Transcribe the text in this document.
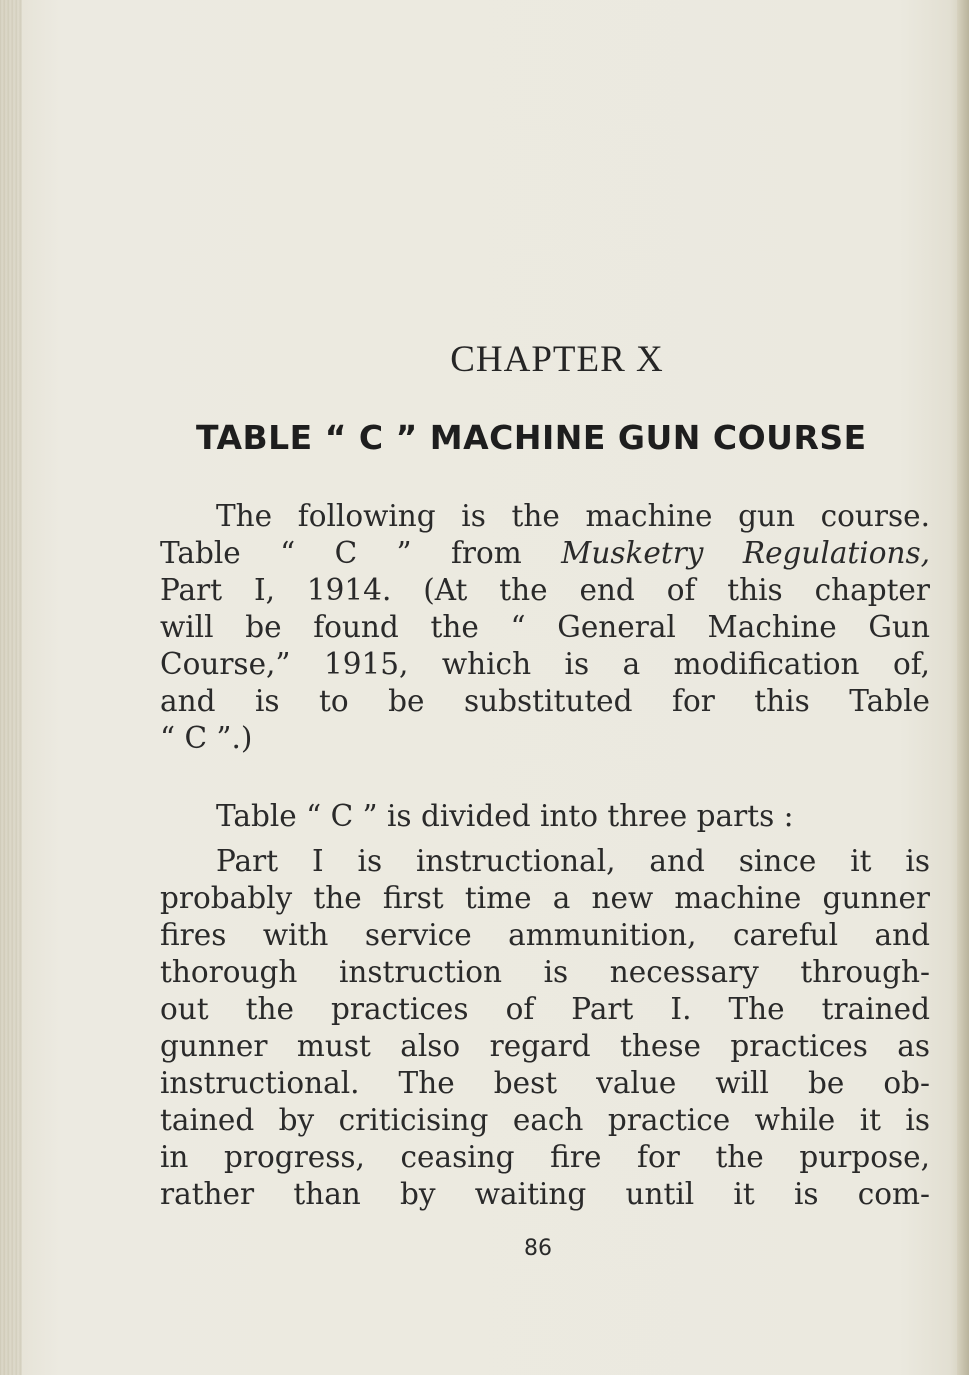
CHAPTER X
TABLE “ C ” MACHINE GUN COURSE
The following is the machine gun course.
Table “ C ” from Musketry Regulations,
Part I, 1914. (At the end of this chapter
will be found the “ General Machine Gun
Course,” 1915, which is a modification of,
and is to be substituted for this Table
“ C ”.)
Table “ C ” is divided into three parts :
Part I is instructional, and since it is
probably the first time a new machine gunner
fires with service ammunition, careful and
thorough instruction is necessary through-
out the practices of Part I. The trained
gunner must also regard these practices as
instructional. The best value will be ob-
tained by criticising each practice while it is
in progress, ceasing fire for the purpose,
rather than by waiting until it is com-
86
